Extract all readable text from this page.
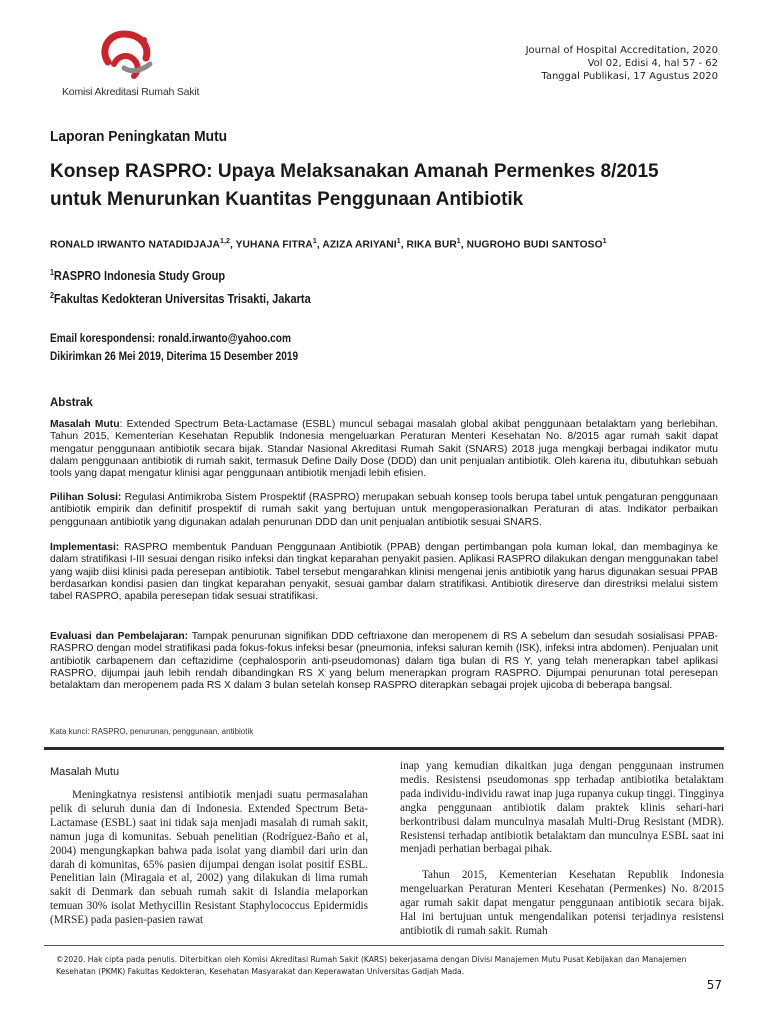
Komisi Akreditasi Rumah Sakit
Journal of Hospital Accreditation, 2020
Vol 02, Edisi 4, hal 57 - 62
Tanggal Publikasi, 17 Agustus 2020
Laporan Peningkatan Mutu
Konsep RASPRO: Upaya Melaksanakan Amanah Permenkes 8/2015
untuk Menurunkan Kuantitas Penggunaan Antibiotik
RONALD IRWANTO NATADIDJAJA$^{1,2}$, YUHANA FITRA$^1$, AZIZA ARIYANI$^1$, RIKA BUR$^1$, NUGROHO BUDI SANTOSO$^1$
$^1$RASPRO Indonesia Study Group
$^2$Fakultas Kedokteran Universitas Trisakti, Jakarta
Email korespondensi: ronald.irwanto@yahoo.com
Dikirimkan 26 Mei 2019, Diterima 15 Desember 2019
Abstrak
Masalah Mutu: Extended Spectrum Beta-Lactamase (ESBL) muncul sebagai masalah global akibat penggunaan betalaktam yang berlebihan. Tahun 2015, Kementerian Kesehatan Republik Indonesia mengeluarkan Peraturan Menteri Kesehatan No. 8/2015 agar rumah sakit dapat mengatur penggunaan antibiotik secara bijak. Standar Nasional Akreditasi Rumah Sakit (SNARS) 2018 juga mengkaji berbagai indikator mutu dalam penggunaan antibiotik di rumah sakit, termasuk Define Daily Dose (DDD) dan unit penjualan antibiotik. Oleh karena itu, dibutuhkan sebuah tools yang dapat mengatur klinisi agar penggunaan antibiotik menjadi lebih efisien.
Pilihan Solusi: Regulasi Antimikroba Sistem Prospektif (RASPRO) merupakan sebuah konsep tools berupa tabel untuk pengaturan penggunaan antibiotik empirik dan definitif prospektif di rumah sakit yang bertujuan untuk mengoperasionalkan Peraturan di atas. Indikator perbaikan penggunaan antibiotik yang digunakan adalah penurunan DDD dan unit penjualan antibiotik sesuai SNARS.
Implementasi: RASPRO membentuk Panduan Penggunaan Antibiotik (PPAB) dengan pertimbangan pola kuman lokal, dan membaginya ke dalam stratifikasi I-III sesuai dengan risiko infeksi dan tingkat keparahan penyakit pasien. Aplikasi RASPRO dilakukan dengan menggunakan tabel yang wajib diisi klinisi pada peresepan antibiotik. Tabel tersebut mengarahkan klinisi mengenai jenis antibiotik yang harus digunakan sesuai PPAB berdasarkan kondisi pasien dan tingkat keparahan penyakit, sesuai gambar dalam stratifikasi. Antibiotik direserve dan direstriksi melalui sistem tabel RASPRO, apabila peresepan tidak sesuai stratifikasi.
Evaluasi dan Pembelajaran: Tampak penurunan signifikan DDD ceftriaxone dan meropenem di RS A sebelum dan sesudah sosialisasi PPAB-RASPRO dengan model stratifikasi pada fokus-fokus infeksi besar (pneumonia, infeksi saluran kemih (ISK), infeksi intra abdomen). Penjualan unit antibiotik carbapenem dan ceftazidime (cephalosporin anti-pseudomonas) dalam tiga bulan di RS Y, yang telah menerapkan tabel aplikasi RASPRO, dijumpai jauh lebih rendah dibandingkan RS X yang belum menerapkan program RASPRO. Dijumpai penurunan total peresepan betalaktam dan meropenem pada RS X dalam 3 bulan setelah konsep RASPRO diterapkan sebagai projek ujicoba di beberapa bangsal.
Kata kunci: RASPRO, penurunan, penggunaan, antibiotik
Masalah Mutu

Meningkatnya resistensi antibiotik menjadi suatu permasalahan pelik di seluruh dunia dan di Indonesia. Extended Spectrum Beta-Lactamase (ESBL) saat ini tidak saja menjadi masalah di rumah sakit, namun juga di komunitas. Sebuah penelitian (Rodríguez-Baño et al, 2004) mengungkapkan bahwa pada isolat yang diambil dari urin dan darah di komunitas, 65% pasien dijumpai dengan isolat positif ESBL. Penelitian lain (Miragaia et al, 2002) yang dilakukan di lima rumah sakit di Denmark dan sebuah rumah sakit di Islandia melaporkan temuan 30% isolat Methycillin Resistant Staphylococcus Epidermidis (MRSE) pada pasien-pasien rawat

inap yang kemudian dikaitkan juga dengan penggunaan instrumen medis. Resistensi pseudomonas spp terhadap antibiotika betalaktam pada individu-individu rawat inap juga rupanya cukup tinggi. Tingginya angka penggunaan antibiotik dalam praktek klinis sehari-hari berkontribusi dalam munculnya masalah Multi-Drug Resistant (MDR). Resistensi terhadap antibiotik betalaktam dan munculnya ESBL saat ini menjadi perhatian berbagai pihak.

Tahun 2015, Kementerian Kesehatan Republik Indonesia mengeluarkan Peraturan Menteri Kesehatan (Permenkes) No. 8/2015 agar rumah sakit dapat mengatur penggunaan antibiotik secara bijak. Hal ini bertujuan untuk mengendalikan potensi terjadinya resistensi antibiotik di rumah sakit. Rumah

©2020. Hak cipta pada penulis. Diterbitkan oleh Komisi Akreditasi Rumah Sakit (KARS) bekerjasama dengan Divisi Manajemen Mutu Pusat Kebijakan dan Manajemen Kesehatan (PKMK) Fakultas Kedokteran, Kesehatan Masyarakat dan Keperawatan Universitas Gadjah Mada.
57
